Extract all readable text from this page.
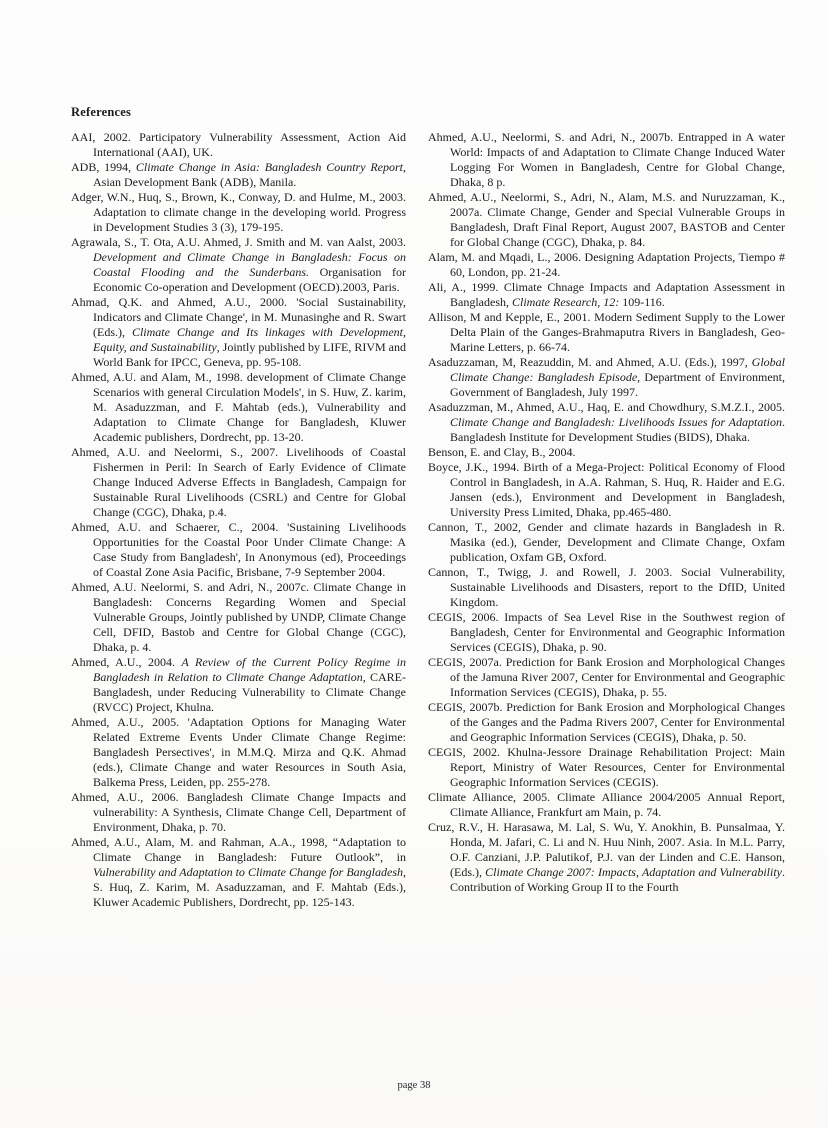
References

AAI, 2002. Participatory Vulnerability Assessment, Action Aid International (AAI), UK.

ADB, 1994, Climate Change in Asia: Bangladesh Country Report, Asian Development Bank (ADB), Manila.

Adger, W.N., Huq, S., Brown, K., Conway, D. and Hulme, M., 2003. Adaptation to climate change in the developing world. Progress in Development Studies 3 (3), 179-195.

Agrawala, S., T. Ota, A.U. Ahmed, J. Smith and M. van Aalst, 2003. Development and Climate Change in Bangladesh: Focus on Coastal Flooding and the Sunderbans. Organisation for Economic Co-operation and Development (OECD).2003, Paris.

Ahmad, Q.K. and Ahmed, A.U., 2000. 'Social Sustainability, Indicators and Climate Change', in M. Munasinghe and R. Swart (Eds.), Climate Change and Its linkages with Development, Equity, and Sustainability, Jointly published by LIFE, RIVM and World Bank for IPCC, Geneva, pp. 95-108.

Ahmed, A.U. and Alam, M., 1998. development of Climate Change Scenarios with general Circulation Models', in S. Huw, Z. karim, M. Asaduzzman, and F. Mahtab (eds.), Vulnerability and Adaptation to Climate Change for Bangladesh, Kluwer Academic publishers, Dordrecht, pp. 13-20.

Ahmed, A.U. and Neelormi, S., 2007. Livelihoods of Coastal Fishermen in Peril: In Search of Early Evidence of Climate Change Induced Adverse Effects in Bangladesh, Campaign for Sustainable Rural Livelihoods (CSRL) and Centre for Global Change (CGC), Dhaka, p.4.

Ahmed, A.U. and Schaerer, C., 2004. 'Sustaining Livelihoods Opportunities for the Coastal Poor Under Climate Change: A Case Study from Bangladesh', In Anonymous (ed), Proceedings of Coastal Zone Asia Pacific, Brisbane, 7-9 September 2004.

Ahmed, A.U. Neelormi, S. and Adri, N., 2007c. Climate Change in Bangladesh: Concerns Regarding Women and Special Vulnerable Groups, Jointly published by UNDP, Climate Change Cell, DFID, Bastob and Centre for Global Change (CGC), Dhaka, p. 4.

Ahmed, A.U., 2004. A Review of the Current Policy Regime in Bangladesh in Relation to Climate Change Adaptation, CARE-Bangladesh, under Reducing Vulnerability to Climate Change (RVCC) Project, Khulna.

Ahmed, A.U., 2005. 'Adaptation Options for Managing Water Related Extreme Events Under Climate Change Regime: Bangladesh Persectives', in M.M.Q. Mirza and Q.K. Ahmad (eds.), Climate Change and water Resources in South Asia, Balkema Press, Leiden, pp. 255-278.

Ahmed, A.U., 2006. Bangladesh Climate Change Impacts and vulnerability: A Synthesis, Climate Change Cell, Department of Environment, Dhaka, p. 70.

Ahmed, A.U., Alam, M. and Rahman, A.A., 1998, “Adaptation to Climate Change in Bangladesh: Future Outlook”, in Vulnerability and Adaptation to Climate Change for Bangladesh, S. Huq, Z. Karim, M. Asaduzzaman, and F. Mahtab (Eds.), Kluwer Academic Publishers, Dordrecht, pp. 125-143.

Ahmed, A.U., Neelormi, S. and Adri, N., 2007b. Entrapped in A water World: Impacts of and Adaptation to Climate Change Induced Water Logging For Women in Bangladesh, Centre for Global Change, Dhaka, 8 p.

Ahmed, A.U., Neelormi, S., Adri, N., Alam, M.S. and Nuruzzaman, K., 2007a. Climate Change, Gender and Special Vulnerable Groups in Bangladesh, Draft Final Report, August 2007, BASTOB and Center for Global Change (CGC), Dhaka, p. 84.

Alam, M. and Mqadi, L., 2006. Designing Adaptation Projects, Tiempo # 60, London, pp. 21-24.

Ali, A., 1999. Climate Chnage Impacts and Adaptation Assessment in Bangladesh, Climate Research, 12: 109-116.

Allison, M and Kepple, E., 2001. Modern Sediment Supply to the Lower Delta Plain of the Ganges-Brahmaputra Rivers in Bangladesh, Geo-Marine Letters, p. 66-74.

Asaduzzaman, M, Reazuddin, M. and Ahmed, A.U. (Eds.), 1997, Global Climate Change: Bangladesh Episode, Department of Environment, Government of Bangladesh, July 1997.

Asaduzzman, M., Ahmed, A.U., Haq, E. and Chowdhury, S.M.Z.I., 2005. Climate Change and Bangladesh: Livelihoods Issues for Adaptation. Bangladesh Institute for Development Studies (BIDS), Dhaka.

Benson, E. and Clay, B., 2004.

Boyce, J.K., 1994. Birth of a Mega-Project: Political Economy of Flood Control in Bangladesh, in A.A. Rahman, S. Huq, R. Haider and E.G. Jansen (eds.), Environment and Development in Bangladesh, University Press Limited, Dhaka, pp.465-480.

Cannon, T., 2002, Gender and climate hazards in Bangladesh in R. Masika (ed.), Gender, Development and Climate Change, Oxfam publication, Oxfam GB, Oxford.

Cannon, T., Twigg, J. and Rowell, J. 2003. Social Vulnerability, Sustainable Livelihoods and Disasters, report to the DfID, United Kingdom.

CEGIS, 2006. Impacts of Sea Level Rise in the Southwest region of Bangladesh, Center for Environmental and Geographic Information Services (CEGIS), Dhaka, p. 90.

CEGIS, 2007a. Prediction for Bank Erosion and Morphological Changes of the Jamuna River 2007, Center for Environmental and Geographic Information Services (CEGIS), Dhaka, p. 55.

CEGIS, 2007b. Prediction for Bank Erosion and Morphological Changes of the Ganges and the Padma Rivers 2007, Center for Environmental and Geographic Information Services (CEGIS), Dhaka, p. 50.

CEGIS, 2002. Khulna-Jessore Drainage Rehabilitation Project: Main Report, Ministry of Water Resources, Center for Environmental Geographic Information Services (CEGIS).

Climate Alliance, 2005. Climate Alliance 2004/2005 Annual Report, Climate Alliance, Frankfurt am Main, p. 74.

Cruz, R.V., H. Harasawa, M. Lal, S. Wu, Y. Anokhin, B. Punsalmaa, Y. Honda, M. Jafari, C. Li and N. Huu Ninh, 2007. Asia. In M.L. Parry, O.F. Canziani, J.P. Palutikof, P.J. van der Linden and C.E. Hanson, (Eds.), Climate Change 2007: Impacts, Adaptation and Vulnerability. Contribution of Working Group II to the Fourth

page 38
